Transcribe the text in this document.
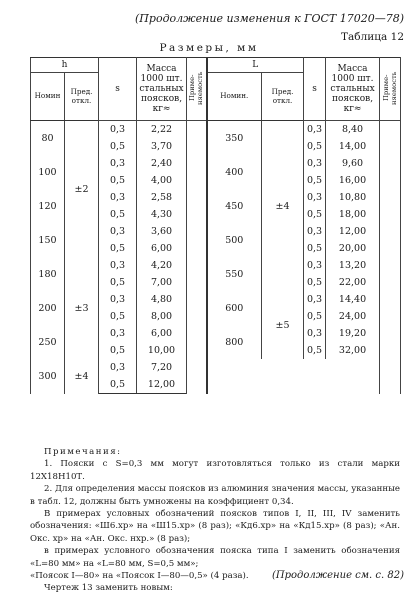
(Продолжение изменения к ГОСТ 17020—78)
Таблица 12
Размеры, мм
h		s	Масса 1000 шт. стальных поясков, кг≈	Приме- няемость	L		s	Масса 1000 шт. стальных поясков, кг≈	Приме- няемость
Номин	Пред. откл.				Номин.	Пред. откл.			
80	±2	0,3	2,22		350	±4	0,3	8,40	
		0,5	3,70				0,5	14,00	
100		0,3	2,40		400		0,3	9,60	
		0,5	4,00				0,5	16,00	
120		0,3	2,58		450		0,3	10,80	
		0,5	4,30				0,5	18,00	
150		0,3	3,60		500		0,3	12,00	
		0,5	6,00				0,5	20,00	
180	±3	0,3	4,20		550		0,3	13,20	
		0,5	7,00				0,5	22,00	
200		0,3	4,80		600	±5	0,3	14,40	
		0,5	8,00				0,5	24,00	
250		0,3	6,00		800		0,3	19,20	
		0,5	10,00				0,5	32,00	
300	±4	0,3	7,20						
		0,5	12,00						

Примечания:

1. Пояски с S=0,3 мм могут изготовляться только из стали марки 12Х18Н10Т.

2. Для определения массы поясков из алюминия значения массы, указанные в табл. 12, должны быть умножены на коэффициент 0,34.

В примерах условных обозначений поясков типов I, II, III, IV заменить обозначения: «Ш6.хр» на «Ш15.хр» (8 раз); «Кд6.хр» на «Кд15.хр» (8 раз); «Ан. Окс. хр» на «Ан. Окс. нхр.» (8 раз);

в примерах условного обозначения пояска типа I заменить обозначения «L=80 мм» на «L=80 мм, S=0,5 мм»;

«Поясок I—80» на «Поясок I—80—0,5» (4 раза).

Чертеж 13 заменить новым:

(Продолжение см. с. 82)
